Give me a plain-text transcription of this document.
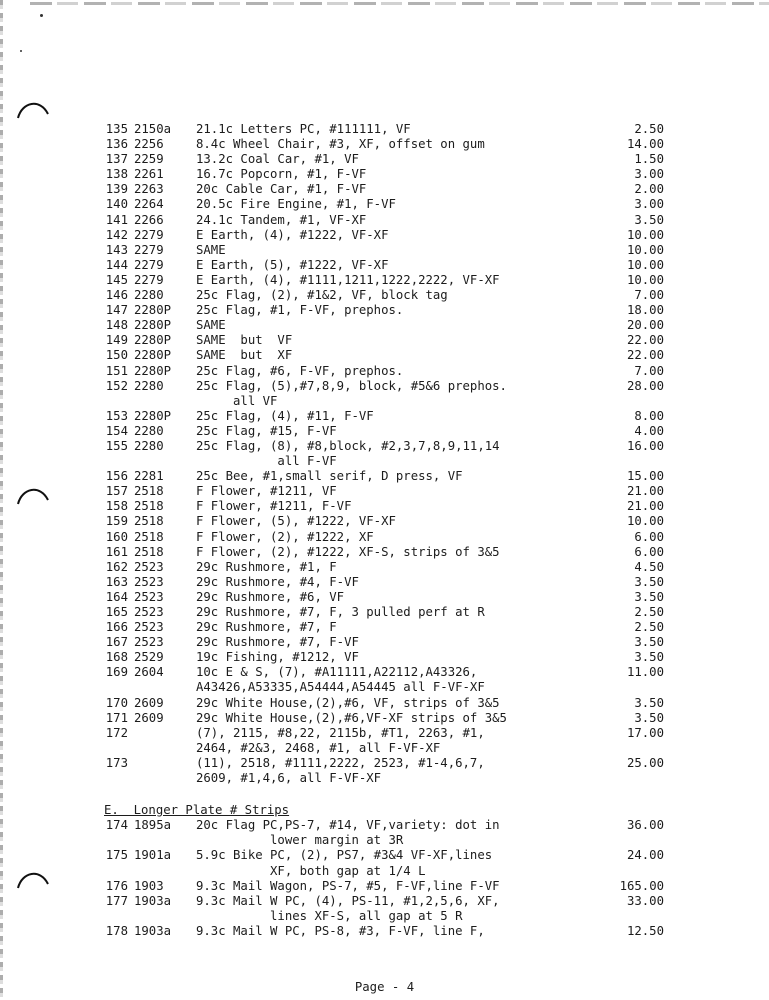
135 2150a 21.1c Letters PC, #111111, VF	2.50
136 2256	8.4c Wheel Chair, #3, XF, offset on gum	14.00
137 2259	13.2c Coal Car, #1, VF	1.50
138 2261	16.7c Popcorn, #1, F-VF	3.00
139 2263	20c Cable Car, #1, F-VF	2.00
140 2264	20.5c Fire Engine, #1, F-VF	3.00
141 2266	24.1c Tandem, #1, VF-XF	3.50
142 2279	E Earth, (4), #1222, VF-XF	10.00
143 2279	SAME	10.00
144 2279	E Earth, (5), #1222, VF-XF	10.00
145 2279	E Earth, (4), #1111,1211,1222,2222, VF-XF	10.00
146 2280	25c Flag, (2), #1&2, VF, block tag	7.00
147 2280P 25c Flag, #1, F-VF, prephos.	18.00
148 2280P SAME	20.00
149 2280P SAME  but  VF	22.00
150 2280P SAME  but  XF	22.00
151 2280P 25c Flag, #6, F-VF, prephos.	7.00
152 2280	25c Flag, (5),#7,8,9, block, #5&6 prephos.	28.00
all VF
153 2280P 25c Flag, (4), #11, F-VF	8.00
154 2280	25c Flag, #15, F-VF	4.00
155 2280	25c Flag, (8), #8,block, #2,3,7,8,9,11,14	16.00
all F-VF
156 2281	25c Bee, #1,small serif, D press, VF	15.00
157 2518	F Flower, #1211, VF	21.00
158 2518	F Flower, #1211, F-VF	21.00
159 2518	F Flower, (5), #1222, VF-XF	10.00
160 2518	F Flower, (2), #1222, XF	6.00
161 2518	F Flower, (2), #1222, XF-S, strips of 3&5	6.00
162 2523	29c Rushmore, #1, F	4.50
163 2523	29c Rushmore, #4, F-VF	3.50
164 2523	29c Rushmore, #6, VF	3.50
165 2523	29c Rushmore, #7, F, 3 pulled perf at R	2.50
166 2523	29c Rushmore, #7, F	2.50
167 2523	29c Rushmore, #7, F-VF	3.50
168 2529	19c Fishing, #1212, VF	3.50
169 2604	10c E & S, (7), #A11111,A22112,A43326,	11.00
A43426,A53335,A54444,A54445 all F-VF-XF
170 2609	29c White House,(2),#6, VF, strips of 3&5	3.50
171 2609	29c White House,(2),#6,VF-XF strips of 3&5	3.50
172	(7), 2115, #8,22, 2115b, #T1, 2263, #1,	17.00
2464, #2&3, 2468, #1, all F-VF-XF
173	(11), 2518, #1111,2222, 2523, #1-4,6,7,	25.00
2609, #1,4,6, all F-VF-XF
E.  Longer Plate # Strips
174 1895a 20c Flag PC,PS-7, #14, VF,variety: dot in	36.00
lower margin at 3R
175 1901a 5.9c Bike PC, (2), PS7, #3&4 VF-XF,lines	24.00
XF, both gap at 1/4 L
176 1903	9.3c Mail Wagon, PS-7, #5, F-VF,line F-VF	165.00
177 1903a 9.3c Mail W PC, (4), PS-11, #1,2,5,6, XF,	33.00
lines XF-S, all gap at 5 R
178 1903a 9.3c Mail W PC, PS-8, #3, F-VF, line F,	12.50
Page - 4
